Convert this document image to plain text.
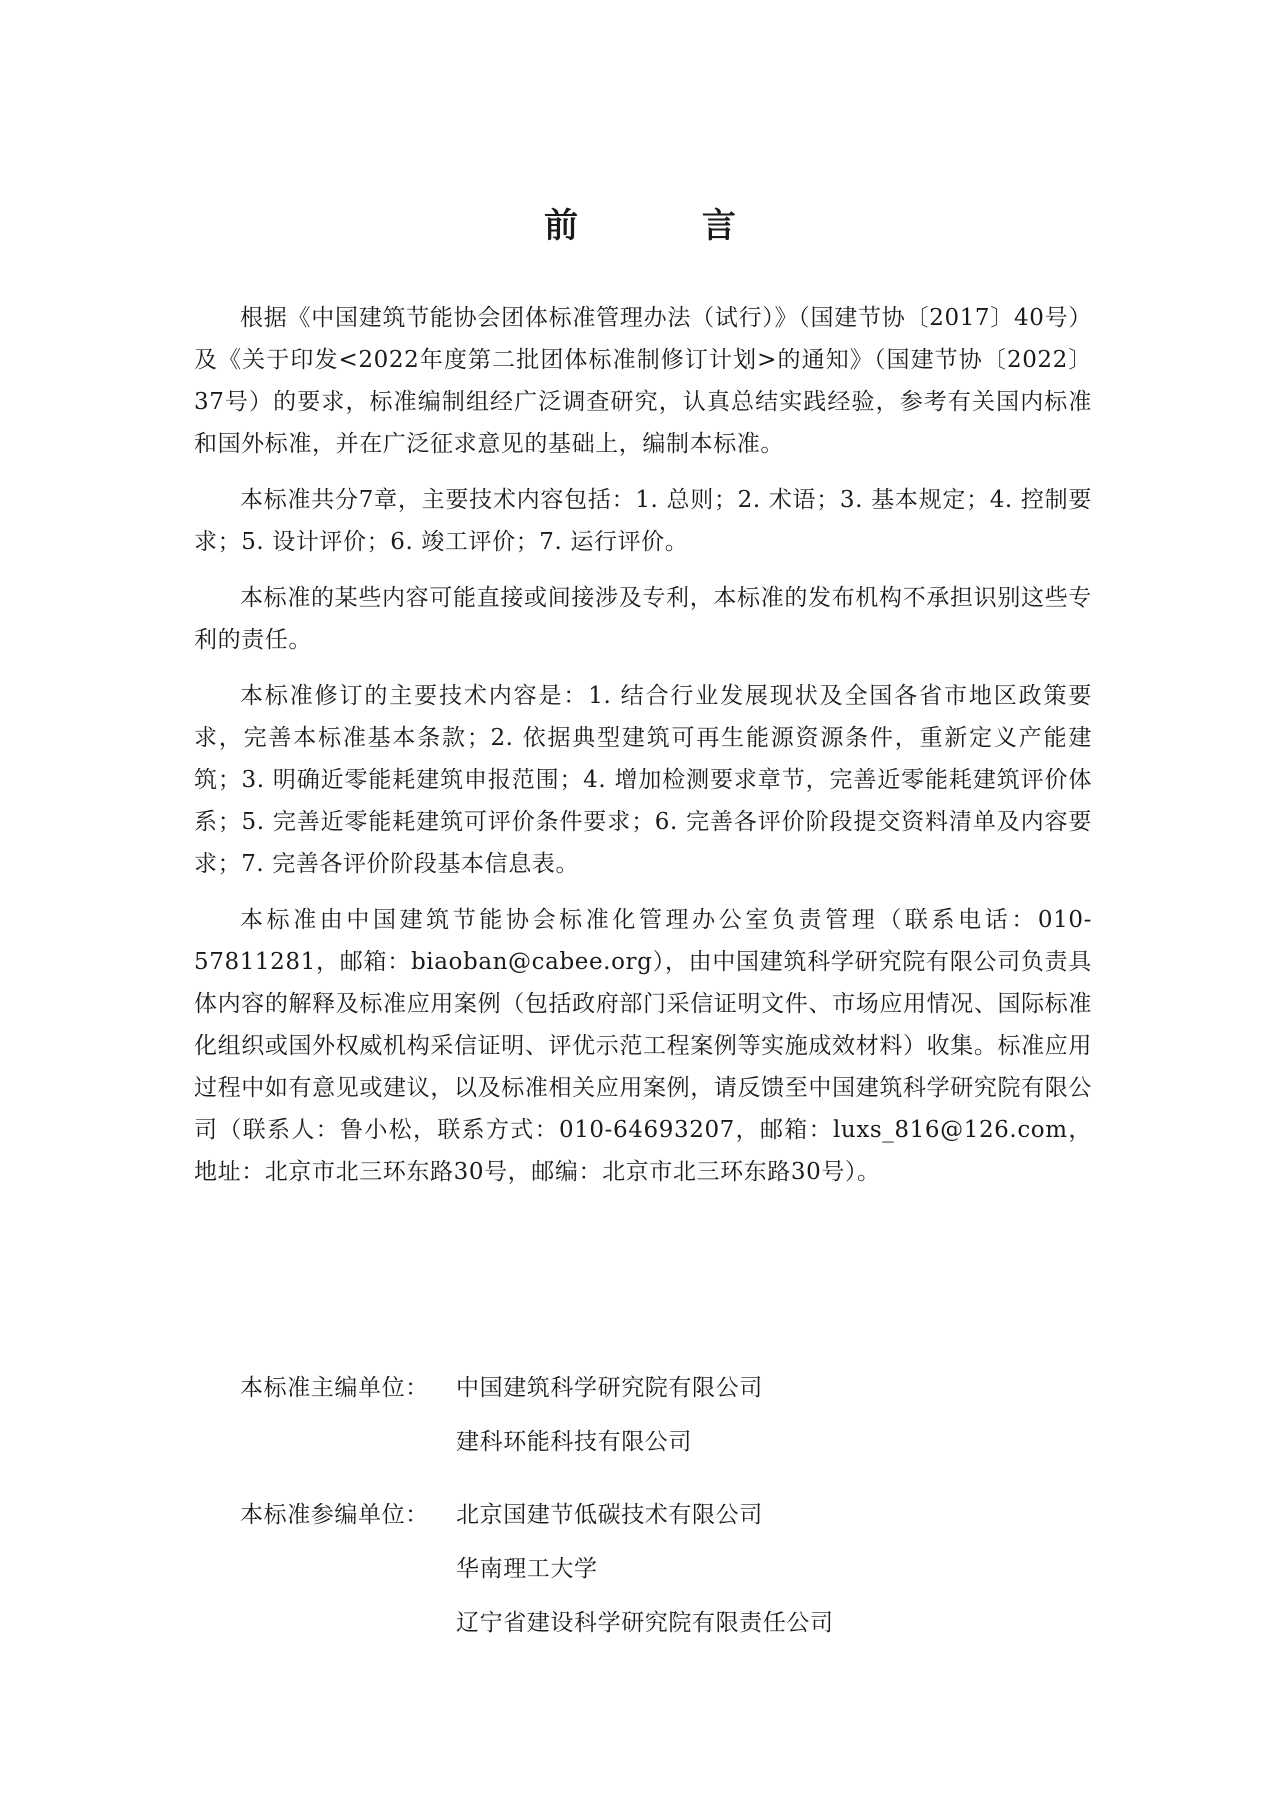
前 言

根据《中国建筑节能协会团体标准管理办法（试行）》（国建节协〔2017〕40号）及《关于印发<2022年度第二批团体标准制修订计划>的通知》（国建节协〔2022〕37号）的要求，标准编制组经广泛调查研究，认真总结实践经验，参考有关国内标准和国外标准，并在广泛征求意见的基础上，编制本标准。

本标准共分7章，主要技术内容包括：1. 总则；2. 术语；3. 基本规定；4. 控制要求；5. 设计评价；6. 竣工评价；7. 运行评价。

本标准的某些内容可能直接或间接涉及专利，本标准的发布机构不承担识别这些专利的责任。

本标准修订的主要技术内容是：1. 结合行业发展现状及全国各省市地区政策要求，完善本标准基本条款；2. 依据典型建筑可再生能源资源条件，重新定义产能建筑；3. 明确近零能耗建筑申报范围；4. 增加检测要求章节，完善近零能耗建筑评价体系；5. 完善近零能耗建筑可评价条件要求；6. 完善各评价阶段提交资料清单及内容要求；7. 完善各评价阶段基本信息表。

本标准由中国建筑节能协会标准化管理办公室负责管理（联系电话：010-57811281，邮箱：biaoban@cabee.org），由中国建筑科学研究院有限公司负责具体内容的解释及标准应用案例（包括政府部门采信证明文件、市场应用情况、国际标准化组织或国外权威机构采信证明、评优示范工程案例等实施成效材料）收集。标准应用过程中如有意见或建议，以及标准相关应用案例，请反馈至中国建筑科学研究院有限公司（联系人：鲁小松，联系方式：010-64693207，邮箱：luxs_816@126.com，地址：北京市北三环东路30号，邮编：北京市北三环东路30号）。

本标准主编单位：	中国建筑科学研究院有限公司
建科环能科技有限公司
本标准参编单位：	北京国建节低碳技术有限公司
华南理工大学
辽宁省建设科学研究院有限责任公司
